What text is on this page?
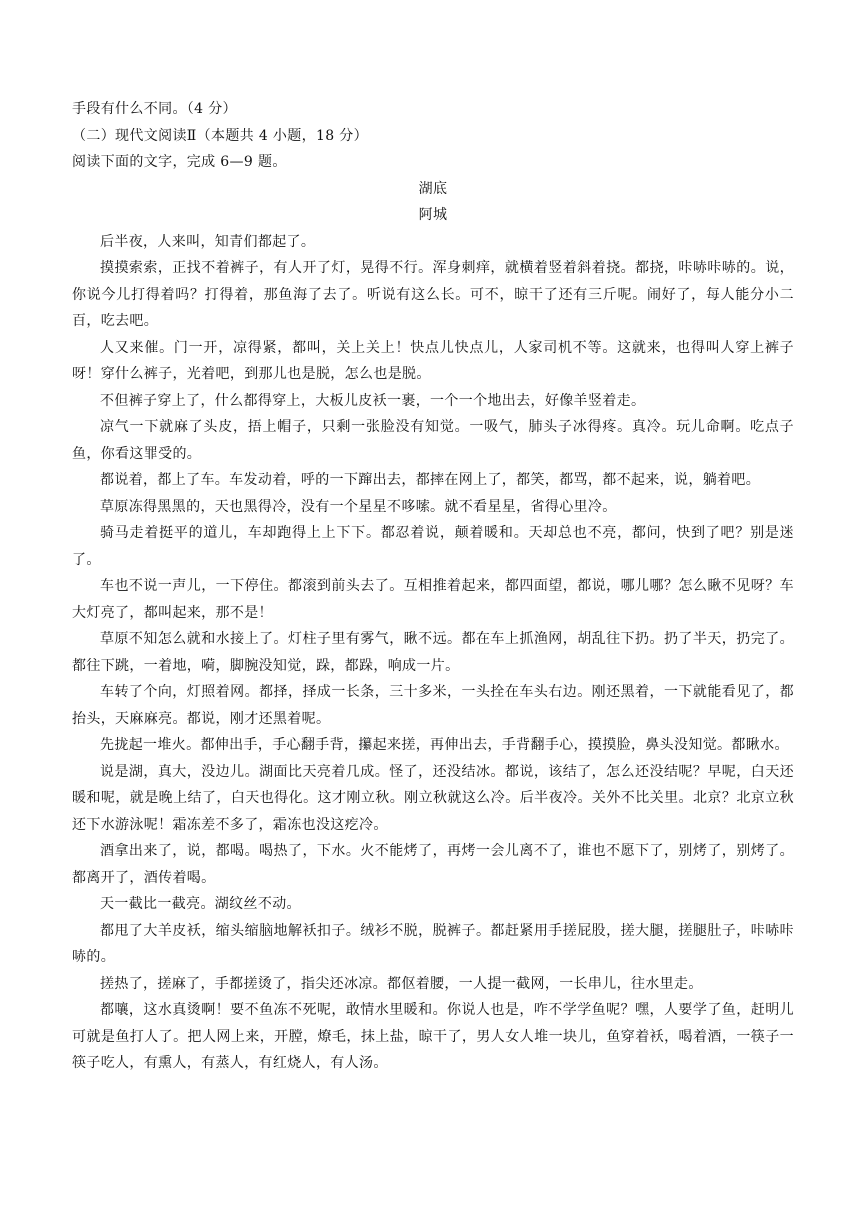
手段有什么不同。（4 分）

（二）现代文阅读Ⅱ（本题共 4 小题，18 分）

阅读下面的文字，完成 6—9 题。

湖底

阿城

后半夜，人来叫，知青们都起了。

摸摸索索，正找不着裤子，有人开了灯，晃得不行。浑身刺痒，就横着竖着斜着挠。都挠，咔哧咔哧的。说，你说今儿打得着吗？打得着，那鱼海了去了。听说有这么长。可不，晾干了还有三斤呢。闹好了，每人能分小二百，吃去吧。

人又来催。门一开，凉得紧，都叫，关上关上！快点儿快点儿，人家司机不等。这就来，也得叫人穿上裤子呀！穿什么裤子，光着吧，到那儿也是脱，怎么也是脱。

不但裤子穿上了，什么都得穿上，大板儿皮袄一裹，一个一个地出去，好像羊竖着走。

凉气一下就麻了头皮，捂上帽子，只剩一张脸没有知觉。一吸气，肺头子冰得疼。真冷。玩儿命啊。吃点子鱼，你看这罪受的。

都说着，都上了车。车发动着，呼的一下蹿出去，都摔在网上了，都笑，都骂，都不起来，说，躺着吧。

草原冻得黑黑的，天也黑得冷，没有一个星星不哆嗦。就不看星星，省得心里冷。

骑马走着挺平的道儿，车却跑得上上下下。都忍着说，颠着暖和。天却总也不亮，都问，快到了吧？别是迷了。

车也不说一声儿，一下停住。都滚到前头去了。互相推着起来，都四面望，都说，哪儿哪？怎么瞅不见呀？车大灯亮了，都叫起来，那不是！

草原不知怎么就和水接上了。灯柱子里有雾气，瞅不远。都在车上抓渔网，胡乱往下扔。扔了半天，扔完了。都往下跳，一着地，嗬，脚腕没知觉，跺，都跺，响成一片。

车转了个向，灯照着网。都择，择成一长条，三十多米，一头拴在车头右边。刚还黑着，一下就能看见了，都抬头，天麻麻亮。都说，刚才还黑着呢。

先拢起一堆火。都伸出手，手心翻手背，攥起来搓，再伸出去，手背翻手心，摸摸脸，鼻头没知觉。都瞅水。

说是湖，真大，没边儿。湖面比天亮着几成。怪了，还没结冰。都说，该结了，怎么还没结呢？早呢，白天还暖和呢，就是晚上结了，白天也得化。这才刚立秋。刚立秋就这么冷。后半夜冷。关外不比关里。北京？北京立秋还下水游泳呢！霜冻差不多了，霜冻也没这疙冷。

酒拿出来了，说，都喝。喝热了，下水。火不能烤了，再烤一会儿离不了，谁也不愿下了，别烤了，别烤了。都离开了，酒传着喝。

天一截比一截亮。湖纹丝不动。

都甩了大羊皮袄，缩头缩脑地解袄扣子。绒衫不脱，脱裤子。都赶紧用手搓屁股，搓大腿，搓腿肚子，咔哧咔哧的。

搓热了，搓麻了，手都搓烫了，指尖还冰凉。都伛着腰，一人提一截网，一长串儿，往水里走。

都嚷，这水真烫啊！要不鱼冻不死呢，敢情水里暖和。你说人也是，咋不学学鱼呢？嘿，人要学了鱼，赶明儿可就是鱼打人了。把人网上来，开膛，燎毛，抹上盐，晾干了，男人女人堆一块儿，鱼穿着袄，喝着酒，一筷子一筷子吃人，有熏人，有蒸人，有红烧人，有人汤。
